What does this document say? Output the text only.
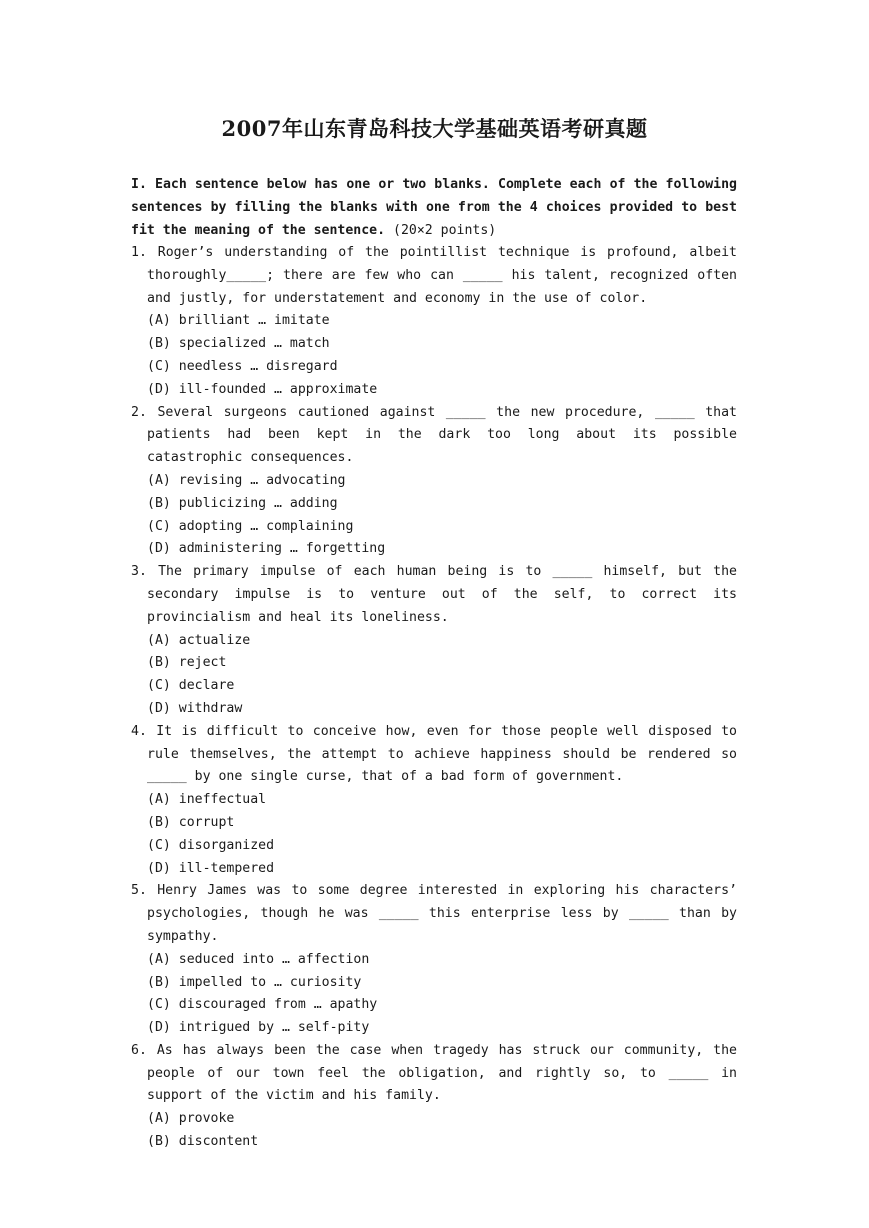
2007年山东青岛科技大学基础英语考研真题
I. Each sentence below has one or two blanks. Complete each of the following sentences by filling the blanks with one from the 4 choices provided to best fit the meaning of the sentence. (20×2 points)

1. Roger’s understanding of the pointillist technique is profound, albeit thoroughly_____; there are few who can _____ his talent, recognized often and justly, for understatement and economy in the use of color.

(A) brilliant … imitate

(B) specialized … match

(C) needless … disregard

(D) ill-founded … approximate

2. Several surgeons cautioned against _____ the new procedure, _____ that patients had been kept in the dark too long about its possible catastrophic consequences.

(A) revising … advocating

(B) publicizing … adding

(C) adopting … complaining

(D) administering … forgetting

3. The primary impulse of each human being is to _____ himself, but the secondary impulse is to venture out of the self, to correct its provincialism and heal its loneliness.

(A) actualize

(B) reject

(C) declare

(D) withdraw

4. It is difficult to conceive how, even for those people well disposed to rule themselves, the attempt to achieve happiness should be rendered so _____ by one single curse, that of a bad form of government.

(A) ineffectual

(B) corrupt

(C) disorganized

(D) ill-tempered

5. Henry James was to some degree interested in exploring his characters’ psychologies, though he was _____ this enterprise less by _____ than by sympathy.

(A) seduced into … affection

(B) impelled to … curiosity

(C) discouraged from … apathy

(D) intrigued by … self-pity

6. As has always been the case when tragedy has struck our community, the people of our town feel the obligation, and rightly so, to _____ in support of the victim and his family.

(A) provoke

(B) discontent
